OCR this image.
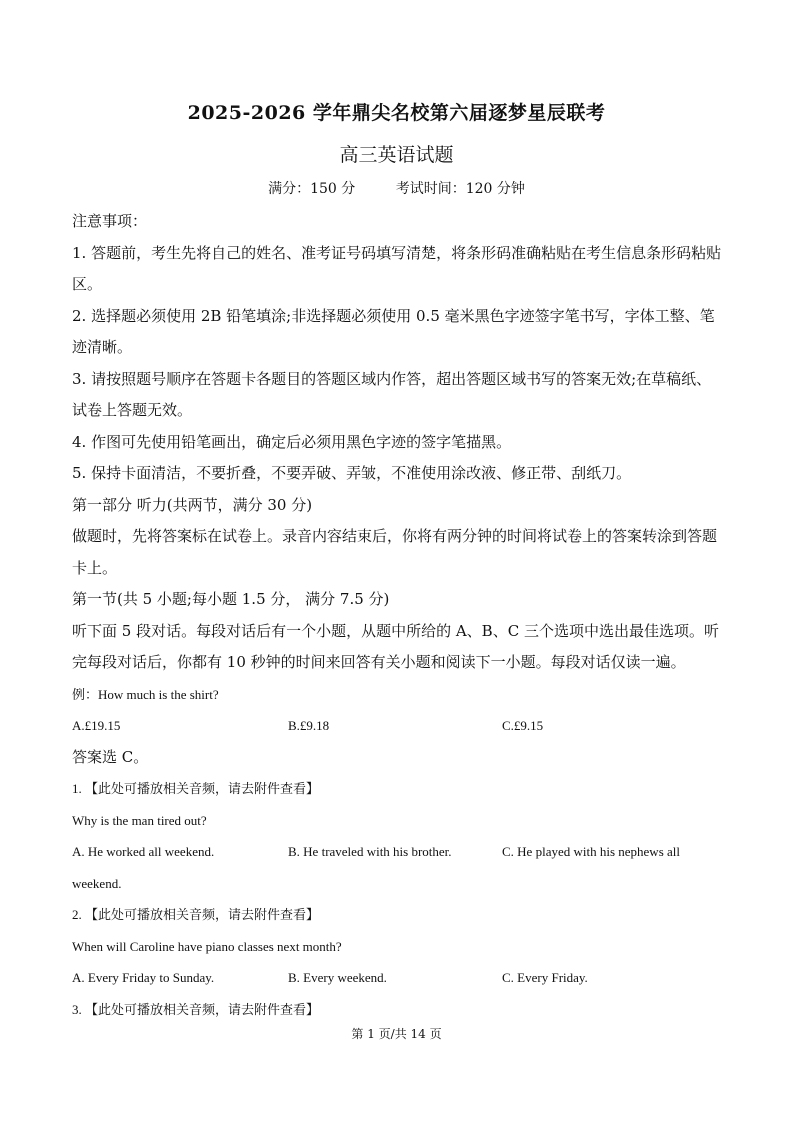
2025-2026 学年鼎尖名校第六届逐梦星辰联考
高三英语试题
满分：150 分	考试时间：120 分钟
注意事项：
1. 答题前，考生先将自己的姓名、准考证号码填写清楚，将条形码准确粘贴在考生信息条形码粘贴区。
2. 选择题必须使用 2B 铅笔填涂;非选择题必须使用 0.5 毫米黑色字迹签字笔书写，字体工整、笔迹清晰。
3. 请按照题号顺序在答题卡各题目的答题区域内作答，超出答题区域书写的答案无效;在草稿纸、试卷上答题无效。
4. 作图可先使用铅笔画出，确定后必须用黑色字迹的签字笔描黑。
5. 保持卡面清洁，不要折叠，不要弄破、弄皱，不准使用涂改液、修正带、刮纸刀。
第一部分 听力(共两节，满分 30 分)
做题时，先将答案标在试卷上。录音内容结束后，你将有两分钟的时间将试卷上的答案转涂到答题卡上。
第一节(共 5 小题;每小题 1.5 分， 满分 7.5 分)
听下面 5 段对话。每段对话后有一个小题，从题中所给的 A、B、C 三个选项中选出最佳选项。听完每段对话后，你都有 10 秒钟的时间来回答有关小题和阅读下一小题。每段对话仅读一遍。
例：How much is the shirt?
A.£19.15	B.£9.18	C.£9.15
答案选 C。
1. 【此处可播放相关音频，请去附件查看】
Why is the man tired out?
A. He worked all weekend.	B. He traveled with his brother.	C. He played with his nephews all
weekend.
2. 【此处可播放相关音频，请去附件查看】
When will Caroline have piano classes next month?
A. Every Friday to Sunday.	B. Every weekend.	C. Every Friday.
3. 【此处可播放相关音频，请去附件查看】
第 1 页/共 14 页
